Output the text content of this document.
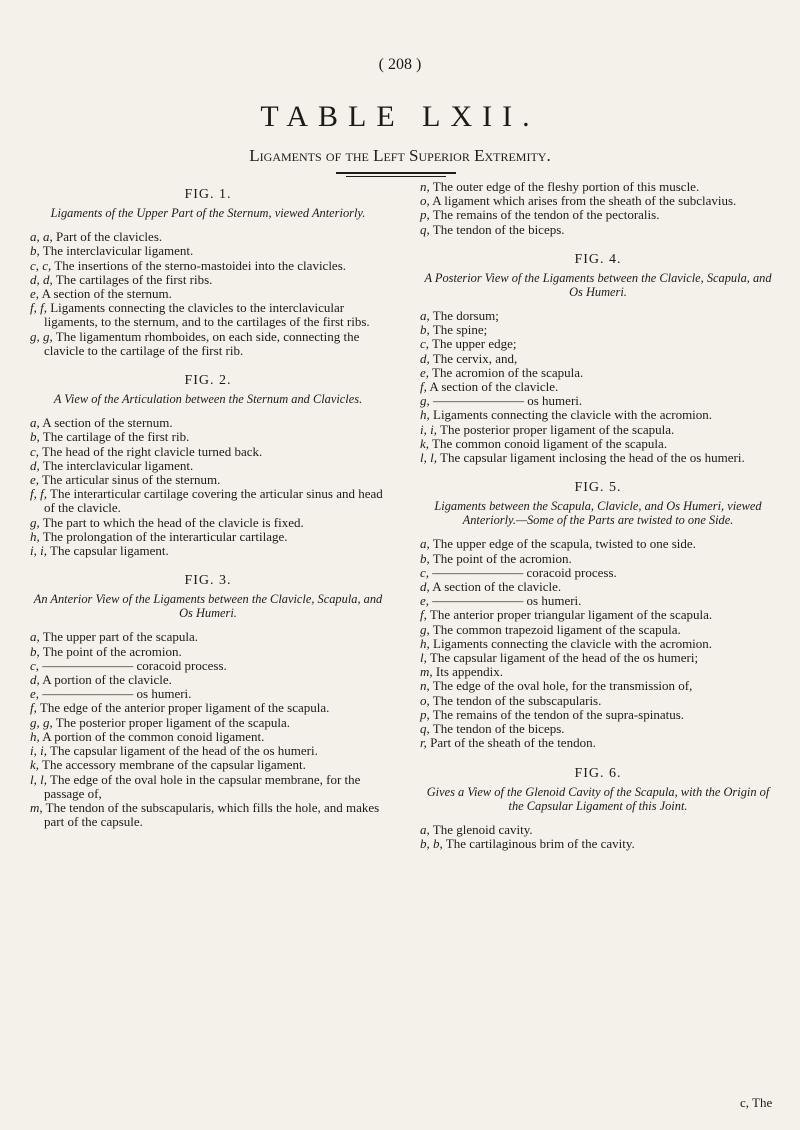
( 208 )
TABLE LXII.
Ligaments of the Left Superior Extremity.
FIG. 1.
Ligaments of the Upper Part of the Sternum, viewed Anteriorly.

a, a, Part of the clavicles.

b, The interclavicular ligament.

c, c, The insertions of the sterno-mastoidei into the clavicles.

d, d, The cartilages of the first ribs.

e, A section of the sternum.

f, f, Ligaments connecting the clavicles to the interclavicular ligaments, to the sternum, and to the cartilages of the first ribs.

g, g, The ligamentum rhomboides, on each side, connecting the clavicle to the cartilage of the first rib.

FIG. 2.
A View of the Articulation between the Sternum and Clavicles.

a, A section of the sternum.

b, The cartilage of the first rib.

c, The head of the right clavicle turned back.

d, The interclavicular ligament.

e, The articular sinus of the sternum.

f, f, The interarticular cartilage covering the articular sinus and head of the clavicle.

g, The part to which the head of the clavicle is fixed.

h, The prolongation of the interarticular cartilage.

i, i, The capsular ligament.

FIG. 3.
An Anterior View of the Ligaments between the Clavicle, Scapula, and Os Humeri.

a, The upper part of the scapula.

b, The point of the acromion.

c, ——————— coracoid process.

d, A portion of the clavicle.

e, ——————— os humeri.

f, The edge of the anterior proper ligament of the scapula.

g, g, The posterior proper ligament of the scapula.

h, A portion of the common conoid ligament.

i, i, The capsular ligament of the head of the os humeri.

k, The accessory membrane of the capsular ligament.

l, l, The edge of the oval hole in the capsular membrane, for the passage of,

m, The tendon of the subscapularis, which fills the hole, and makes part of the capsule.

n, The outer edge of the fleshy portion of this muscle.

o, A ligament which arises from the sheath of the subclavius.

p, The remains of the tendon of the pectoralis.

q, The tendon of the biceps.

FIG. 4.
A Posterior View of the Ligaments between the Clavicle, Scapula, and Os Humeri.

a, The dorsum;

b, The spine;

c, The upper edge;

d, The cervix, and,

e, The acromion of the scapula.

f, A section of the clavicle.

g, ——————— os humeri.

h, Ligaments connecting the clavicle with the acromion.

i, i, The posterior proper ligament of the scapula.

k, The common conoid ligament of the scapula.

l, l, The capsular ligament inclosing the head of the os humeri.

FIG. 5.
Ligaments between the Scapula, Clavicle, and Os Humeri, viewed Anteriorly.—Some of the Parts are twisted to one Side.

a, The upper edge of the scapula, twisted to one side.

b, The point of the acromion.

c, ——————— coracoid process.

d, A section of the clavicle.

e, ——————— os humeri.

f, The anterior proper triangular ligament of the scapula.

g, The common trapezoid ligament of the scapula.

h, Ligaments connecting the clavicle with the acromion.

l, The capsular ligament of the head of the os humeri;

m, Its appendix.

n, The edge of the oval hole, for the transmission of,

o, The tendon of the subscapularis.

p, The remains of the tendon of the supra-spinatus.

q, The tendon of the biceps.

r, Part of the sheath of the tendon.

FIG. 6.
Gives a View of the Glenoid Cavity of the Scapula, with the Origin of the Capsular Ligament of this Joint.

a, The glenoid cavity.

b, b, The cartilaginous brim of the cavity.

c, The
